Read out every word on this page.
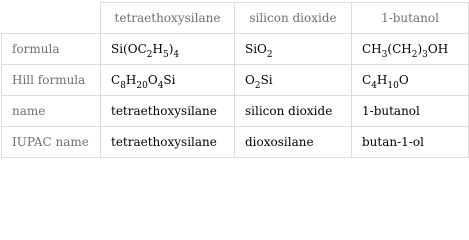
	tetraethoxysilane	silicon dioxide	1-butanol
formula	$Si(OC_2H_5)_4$	SiO$_2$	$CH_3(CH_2)_3OH$
Hill formula	$C_8H_{20}O_4Si$	$O_2Si$	$C_4H_{10}O$
name	tetraethoxysilane	silicon dioxide	1-butanol
IUPAC name	tetraethoxysilane	dioxosilane	butan-1-ol
